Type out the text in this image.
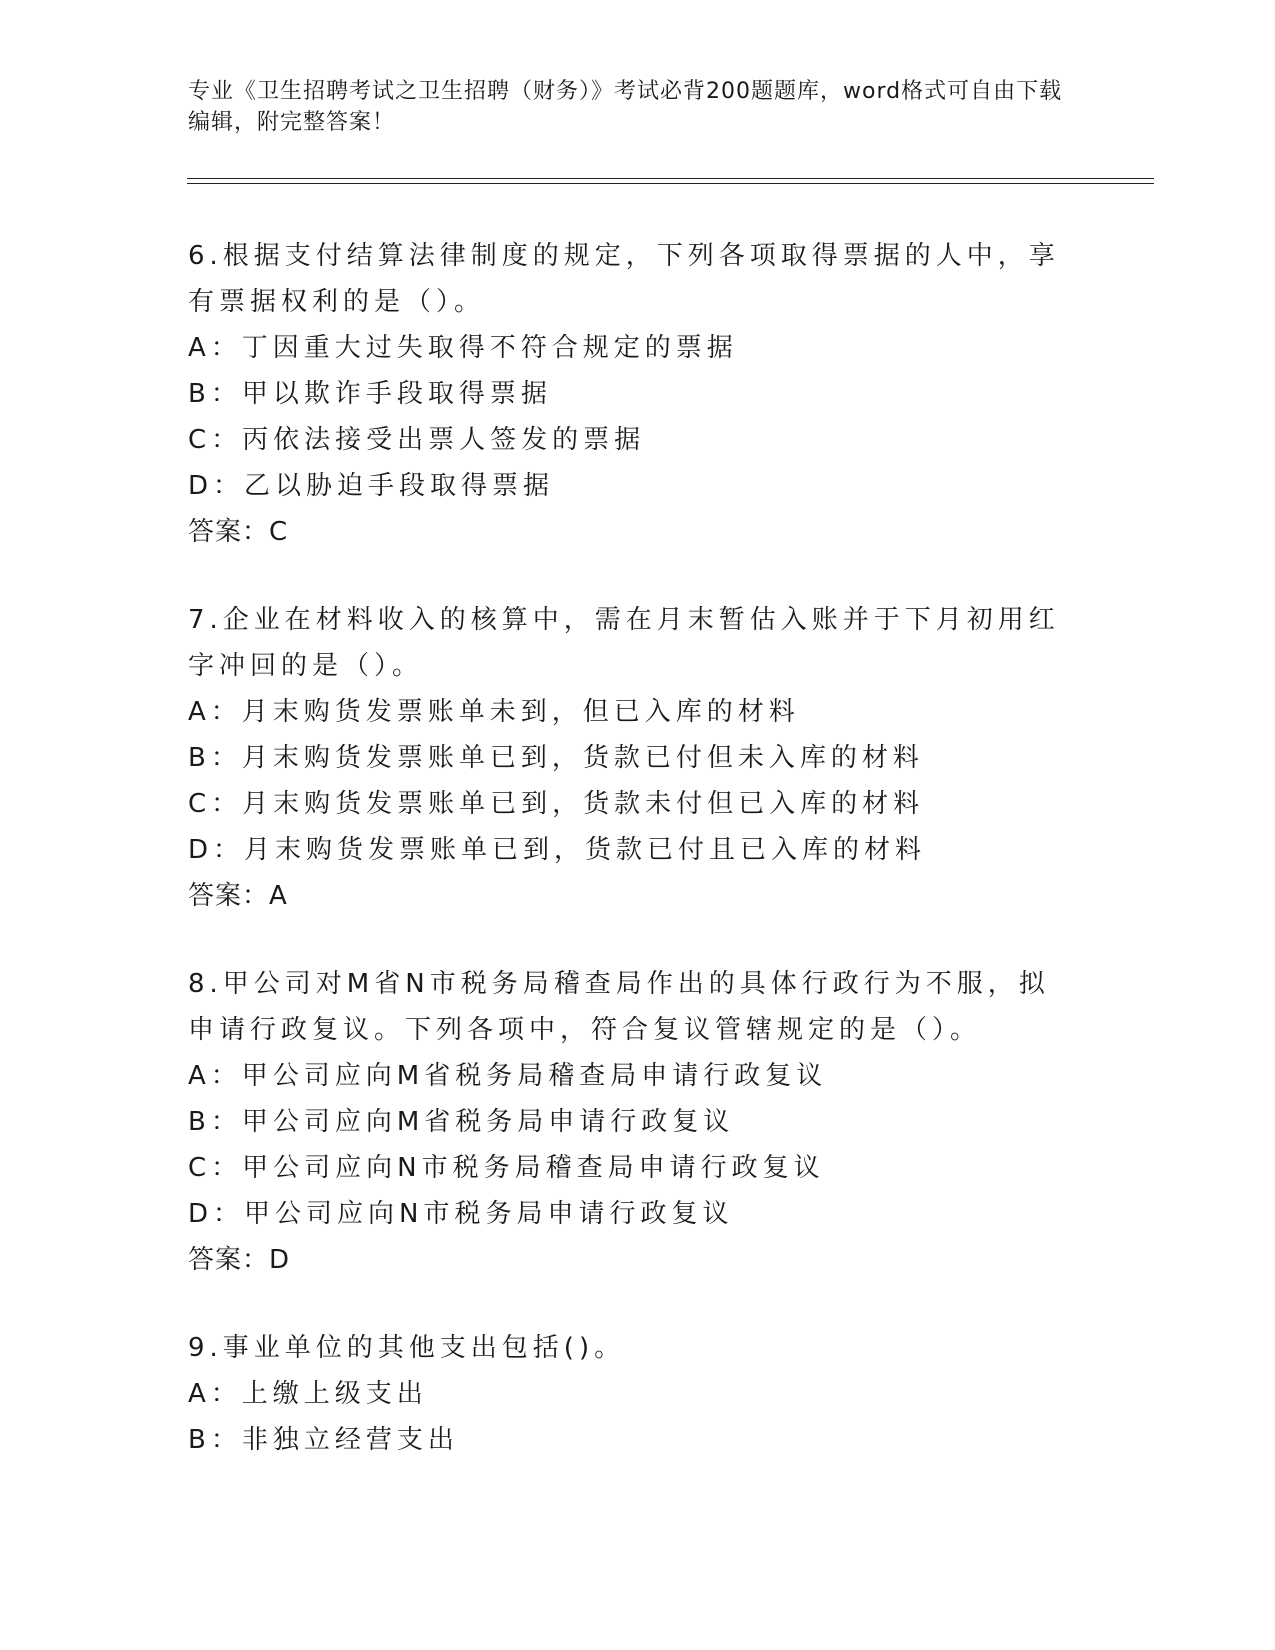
专业《卫生招聘考试之卫生招聘（财务）》考试必背200题题库，word格式可自由下载编辑，附完整答案！
6.根据支付结算法律制度的规定，下列各项取得票据的人中，享有票据权利的是（）。
A：丁因重大过失取得不符合规定的票据
B：甲以欺诈手段取得票据
C：丙依法接受出票人签发的票据
D：乙以胁迫手段取得票据
答案：C
7.企业在材料收入的核算中，需在月末暂估入账并于下月初用红字冲回的是（）。
A：月末购货发票账单未到，但已入库的材料
B：月末购货发票账单已到，货款已付但未入库的材料
C：月末购货发票账单已到，货款未付但已入库的材料
D：月末购货发票账单已到，货款已付且已入库的材料
答案：A
8.甲公司对M省N市税务局稽查局作出的具体行政行为不服，拟申请行政复议。下列各项中，符合复议管辖规定的是（）。
A：甲公司应向M省税务局稽查局申请行政复议
B：甲公司应向M省税务局申请行政复议
C：甲公司应向N市税务局稽查局申请行政复议
D：甲公司应向N市税务局申请行政复议
答案：D
9.事业单位的其他支出包括()。
A：上缴上级支出
B：非独立经营支出
